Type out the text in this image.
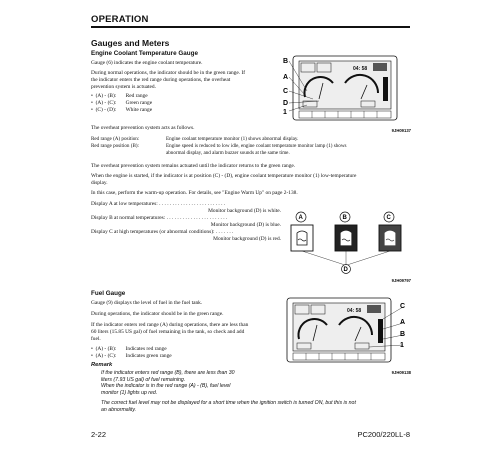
OPERATION
Gauges and Meters
Engine Coolant Temperature Gauge
Gauge (6) indicates the engine coolant temperature.
During normal operations, the indicator should be in the green range. If
the indicator enters the red range during operations, the overheat
prevention system is actuated.
•  (A) - (B): Red range
•  (A) - (C): Green range
•  (C) - (D): White range
The overheat prevention system acts as follows.
04: 58
B
A
C
D
1
9JH09137
Red range (A) position:	Engine coolant temperature monitor (1) shows abnormal display.
Red range position (B):	Engine speed is reduced to low idle, engine coolant temperature monitor lamp (1) shows
abnormal display, and alarm buzzer sounds at the same time.
The overheat prevention system remains actuated until the indicator returns to the green range.
When the engine is started, if the indicator is at position (C) - (D), engine coolant temperature monitor (1) low-temperature
display.
In this case, perform the warm-up operation. For details, see "Engine Warm Up" on page 2-138.
Display A at low temperatures: . . . . . . . . . . . . . . . . . . . . . . . . .
Monitor background (D) is white.
Display B at normal temperatures: . . . . . . . . . . . . . . . . . . . . . . .
Monitor background (D) is blue.
Display C at high temperatures (or abnormal conditions): . . . . . . .
Monitor background (D) is red.
A	B	C
D
9JH09797
Fuel Gauge
Gauge (9) displays the level of fuel in the fuel tank.
During operations, the indicator should be in the green range.
If the indicator enters red range (A) during operations, there are less than
60 liters (15.85 US gal) of fuel remaining in the tank, so check and add
fuel.
•  (A) - (B): Indicates red range
•  (A) - (C): Indicates green range
Remark
If the indicator enters red range (B), there are less than 30
liters (7.93 US gal) of fuel remaining.
When the indicator is in the red range (A) - (B), fuel level
monitor (1) lights up red.
The correct fuel level may not be displayed for a short time when the ignition switch is turned ON, but this is not
an abnormality.
04: 58
C
A
B
1
9JH09138
2-22	PC200/220LL-8
